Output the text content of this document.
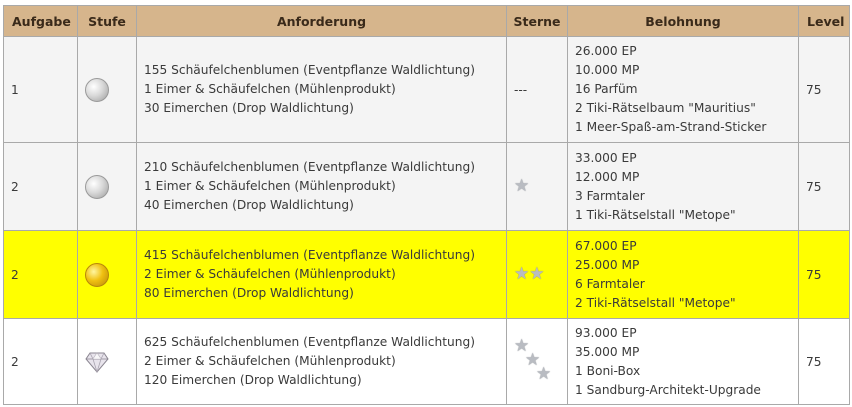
Aufgabe	Stufe	Anforderung	Sterne	Belohnung	Level
1		155 Schäufelchenblumen (Eventpflanze Waldlichtung)
1 Eimer & Schäufelchen (Mühlenprodukt)
30 Eimerchen (Drop Waldlichtung)	---	26.000 EP
10.000 MP
16 Parfüm
2 Tiki-Rätselbaum "Mauritius"
1 Meer-Spaß-am-Strand-Sticker	75
2		210 Schäufelchenblumen (Eventpflanze Waldlichtung)
1 Eimer & Schäufelchen (Mühlenprodukt)
40 Eimerchen (Drop Waldlichtung)	★	33.000 EP
12.000 MP
3 Farmtaler
1 Tiki-Rätselstall "Metope"	75
2		415 Schäufelchenblumen (Eventpflanze Waldlichtung)
2 Eimer & Schäufelchen (Mühlenprodukt)
80 Eimerchen (Drop Waldlichtung)	★★	67.000 EP
25.000 MP
6 Farmtaler
2 Tiki-Rätselstall "Metope"	75
2		625 Schäufelchenblumen (Eventpflanze Waldlichtung)
2 Eimer & Schäufelchen (Mühlenprodukt)
120 Eimerchen (Drop Waldlichtung)	★
★
★	93.000 EP
35.000 MP
1 Boni-Box
1 Sandburg-Architekt-Upgrade	75
